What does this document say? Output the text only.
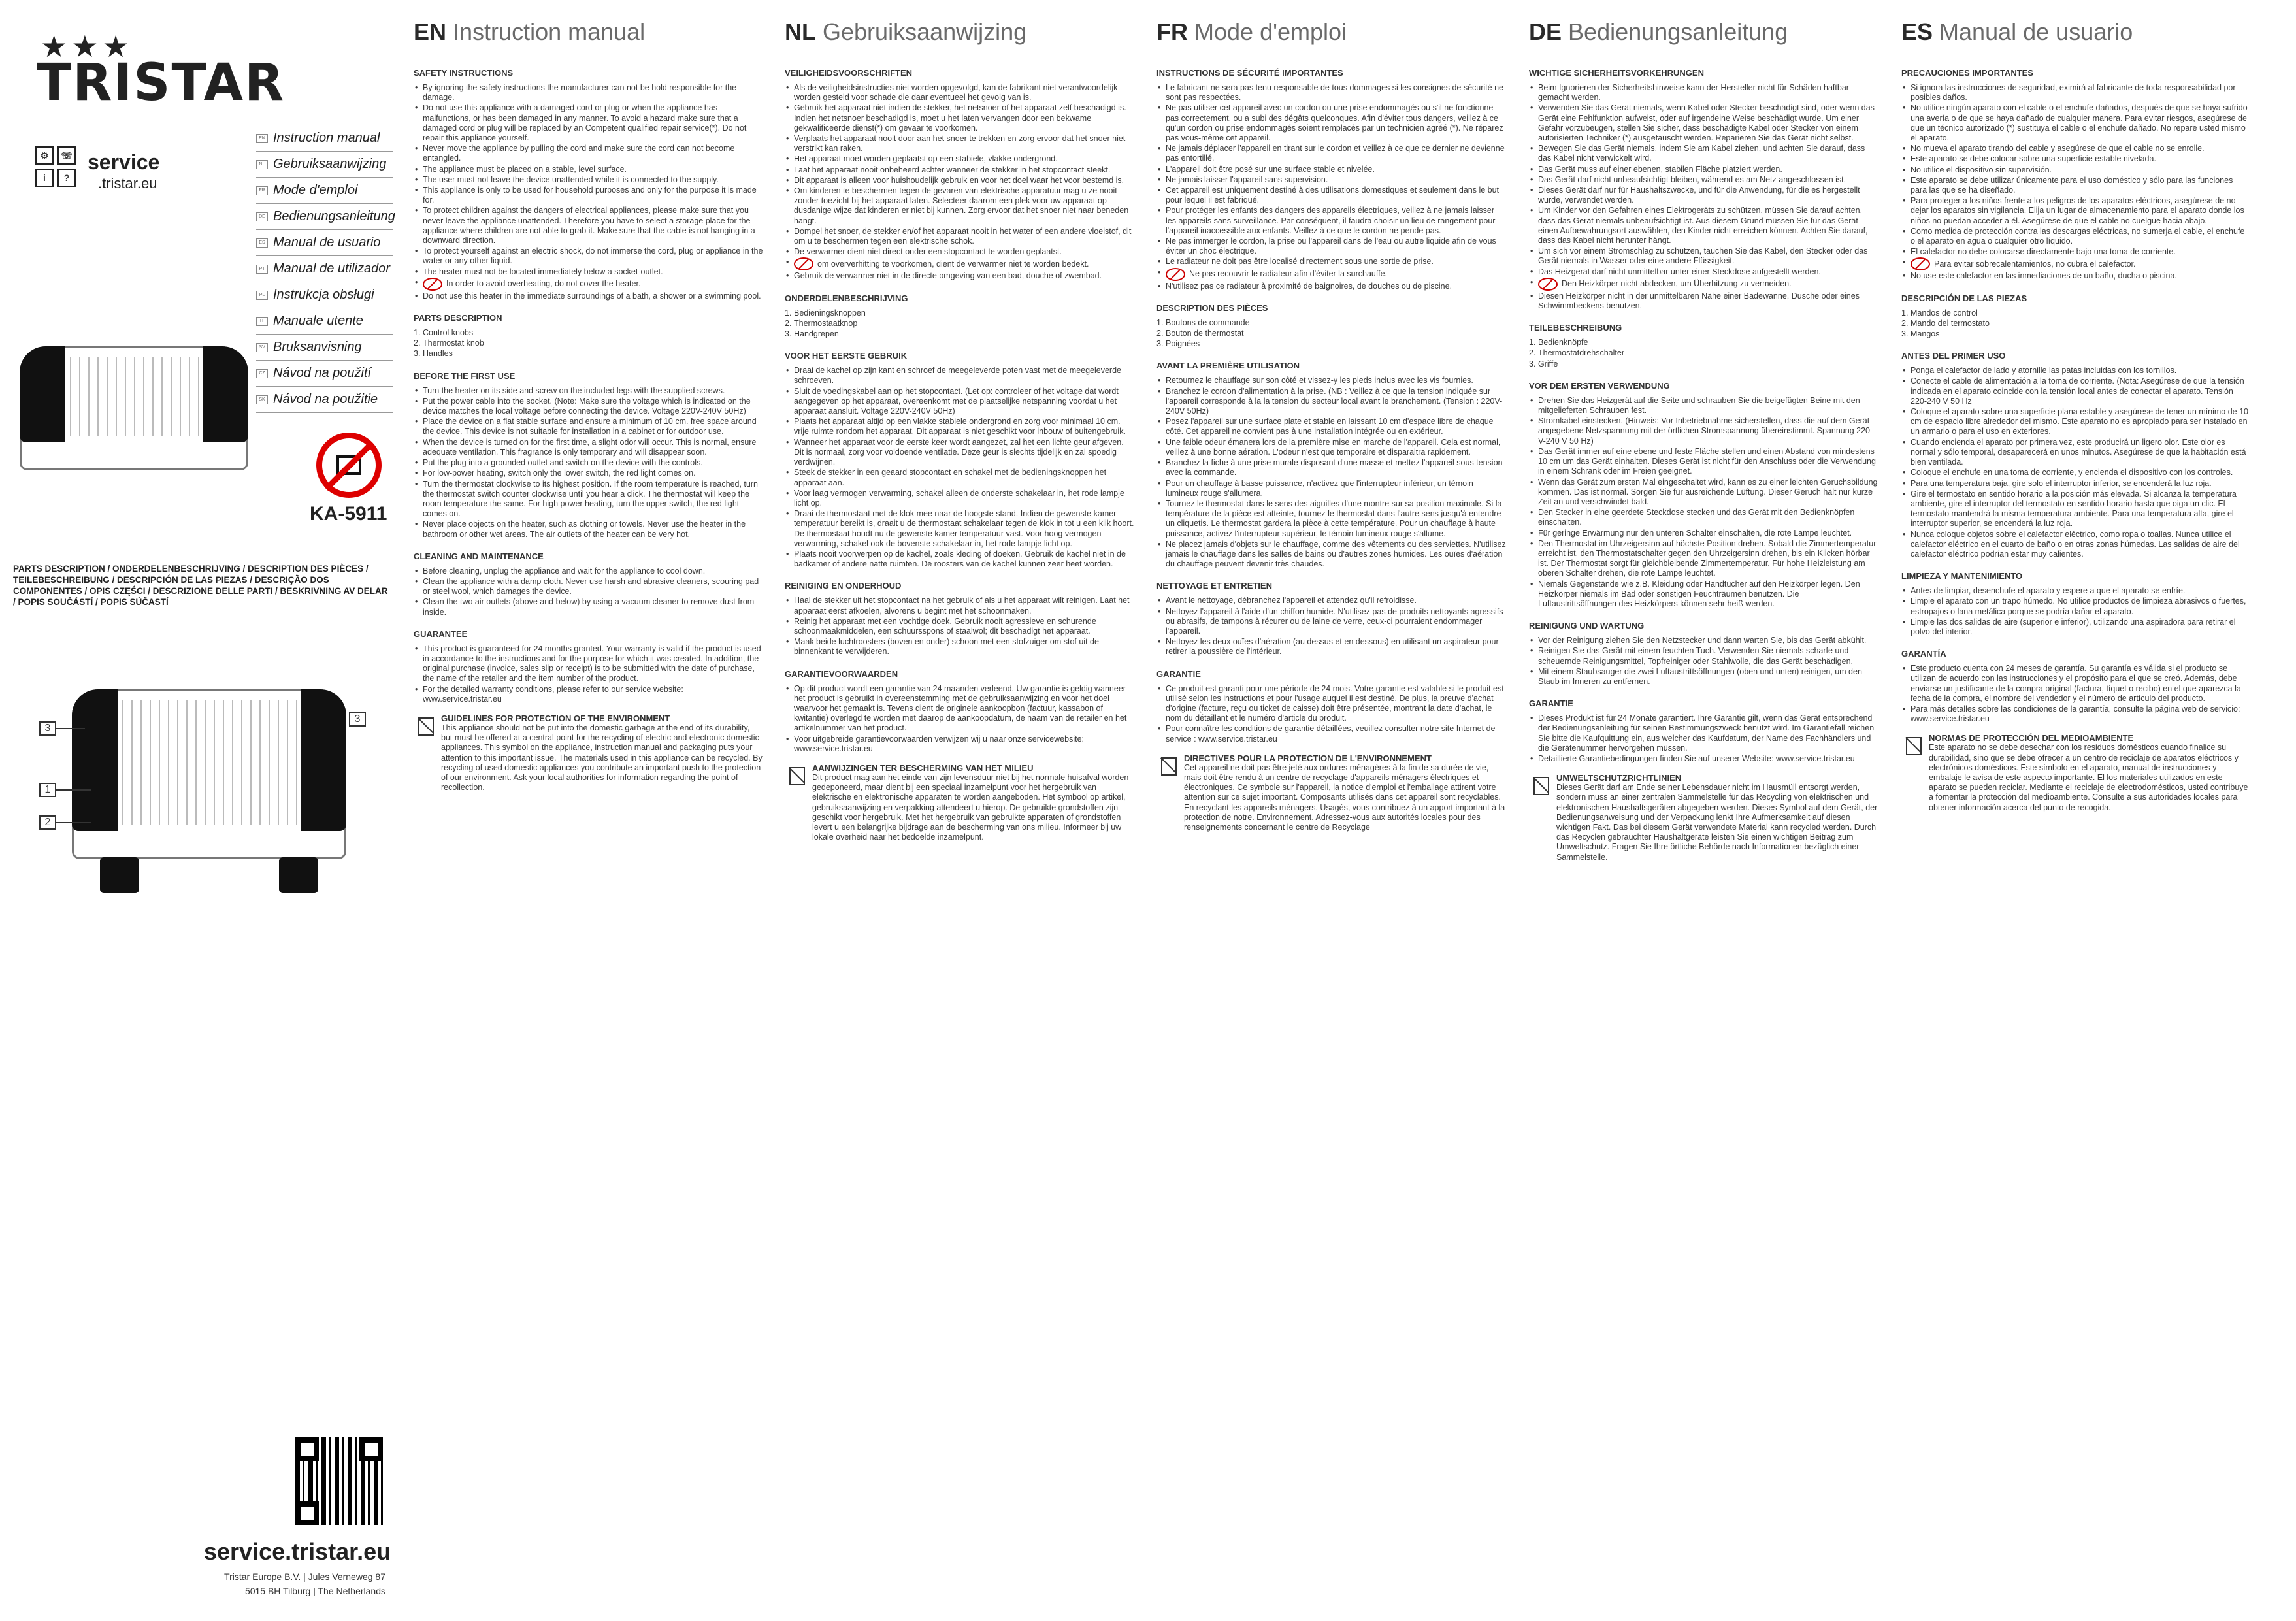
★★★
TRISTAR
⚙	☏
i	?
service
.tristar.eu
EN Instruction manual
NL Gebruiksaanwijzing
FR Mode d'emploi
DE Bedienungsanleitung
ES Manual de usuario
PT Manual de utilizador
PL Instrukcja obsługi
IT Manuale utente
SV Bruksanvisning
CZ Návod na použití
SK Návod na použitie
KA-5911
PARTS DESCRIPTION / ONDERDELENBESCHRIJVING / DESCRIPTION DES PIÈCES / TEILEBESCHREIBUNG / DESCRIPCIÓN DE LAS PIEZAS / DESCRIÇÃO DOS COMPONENTES / OPIS CZĘŚCI / DESCRIZIONE DELLE PARTI / BESKRIVNING AV DELAR / POPIS SOUČÁSTÍ / POPIS SÚČASTÍ
3
3
1
2
service.tristar.eu
Tristar Europe B.V. | Jules Verneweg 87
5015 BH Tilburg | The Netherlands
EN Instruction manual
SAFETY INSTRUCTIONS
• By ignoring the safety instructions the manufacturer can not be hold responsible for the damage.
• Do not use this appliance with a damaged cord or plug or when the appliance has malfunctions, or has been damaged in any manner. To avoid a hazard make sure that a damaged cord or plug will be replaced by an Competent qualified repair service(*). Do not repair this appliance yourself.
• Never move the appliance by pulling the cord and make sure the cord can not become entangled.
• The appliance must be placed on a stable, level surface.
• The user must not leave the device unattended while it is connected to the supply.
• This appliance is only to be used for household purposes and only for the purpose it is made for.
• To protect children against the dangers of electrical appliances, please make sure that you never leave the appliance unattended. Therefore you have to select a storage place for the appliance where children are not able to grab it. Make sure that the cable is not hanging in a downward direction.
• To protect yourself against an electric shock, do not immerse the cord, plug or appliance in the water or any other liquid.
• The heater must not be located immediately below a socket-outlet.
• In order to avoid overheating, do not cover the heater.
• Do not use this heater in the immediate surroundings of a bath, a shower or a swimming pool.
PARTS DESCRIPTION
1. Control knobs
2. Thermostat knob
3. Handles
BEFORE THE FIRST USE
• Turn the heater on its side and screw on the included legs with the supplied screws.
• Put the power cable into the socket. (Note: Make sure the voltage which is indicated on the device matches the local voltage before connecting the device. Voltage 220V-240V 50Hz)
• Place the device on a flat stable surface and ensure a minimum of 10 cm. free space around the device. This device is not suitable for installation in a cabinet or for outdoor use.
• When the device is turned on for the first time, a slight odor will occur. This is normal, ensure adequate ventilation. This fragrance is only temporary and will disappear soon.
• Put the plug into a grounded outlet and switch on the device with the controls.
• For low-power heating, switch only the lower switch, the red light comes on.
• Turn the thermostat clockwise to its highest position. If the room temperature is reached, turn the thermostat switch counter clockwise until you hear a click. The thermostat will keep the room temperature the same. For high power heating, turn the upper switch, the red light comes on.
• Never place objects on the heater, such as clothing or towels. Never use the heater in the bathroom or other wet areas. The air outlets of the heater can be very hot.
CLEANING AND MAINTENANCE
• Before cleaning, unplug the appliance and wait for the appliance to cool down.
• Clean the appliance with a damp cloth. Never use harsh and abrasive cleaners, scouring pad or steel wool, which damages the device.
• Clean the two air outlets (above and below) by using a vacuum cleaner to remove dust from inside.
GUARANTEE
• This product is guaranteed for 24 months granted. Your warranty is valid if the product is used in accordance to the instructions and for the purpose for which it was created. In addition, the original purchase (invoice, sales slip or receipt) is to be submitted with the date of purchase, the name of the retailer and the item number of the product.
• For the detailed warranty conditions, please refer to our service website: www.service.tristar.eu
GUIDELINES FOR PROTECTION OF THE ENVIRONMENT
This appliance should not be put into the domestic garbage at the end of its durability, but must be offered at a central point for the recycling of electric and electronic domestic appliances. This symbol on the appliance, instruction manual and packaging puts your attention to this important issue. The materials used in this appliance can be recycled. By recycling of used domestic appliances you contribute an important push to the protection of our environment. Ask your local authorities for information regarding the point of recollection.
NL Gebruiksaanwijzing
VEILIGHEIDSVOORSCHRIFTEN
• Als de veiligheidsinstructies niet worden opgevolgd, kan de fabrikant niet verantwoordelijk worden gesteld voor schade die daar eventueel het gevolg van is.
• Gebruik het apparaat niet indien de stekker, het netsnoer of het apparaat zelf beschadigd is. Indien het netsnoer beschadigd is, moet u het laten vervangen door een bekwame gekwalificeerde dienst(*) om gevaar te voorkomen.
• Verplaats het apparaat nooit door aan het snoer te trekken en zorg ervoor dat het snoer niet verstrikt kan raken.
• Het apparaat moet worden geplaatst op een stabiele, vlakke ondergrond.
• Laat het apparaat nooit onbeheerd achter wanneer de stekker in het stopcontact steekt.
• Dit apparaat is alleen voor huishoudelijk gebruik en voor het doel waar het voor bestemd is.
• Om kinderen te beschermen tegen de gevaren van elektrische apparatuur mag u ze nooit zonder toezicht bij het apparaat laten. Selecteer daarom een plek voor uw apparaat op dusdanige wijze dat kinderen er niet bij kunnen. Zorg ervoor dat het snoer niet naar beneden hangt.
• Dompel het snoer, de stekker en/of het apparaat nooit in het water of een andere vloeistof, dit om u te beschermen tegen een elektrische schok.
• De verwarmer dient niet direct onder een stopcontact te worden geplaatst.
• om oververhitting te voorkomen, dient de verwarmer niet te worden bedekt.
• Gebruik de verwarmer niet in de directe omgeving van een bad, douche of zwembad.
ONDERDELENBESCHRIJVING
1. Bedieningsknoppen
2. Thermostaatknop
3. Handgrepen
VOOR HET EERSTE GEBRUIK
• Draai de kachel op zijn kant en schroef de meegeleverde poten vast met de meegeleverde schroeven.
• Sluit de voedingskabel aan op het stopcontact. (Let op: controleer of het voltage dat wordt aangegeven op het apparaat, overeenkomt met de plaatselijke netspanning voordat u het apparaat aansluit. Voltage 220V-240V 50Hz)
• Plaats het apparaat altijd op een vlakke stabiele ondergrond en zorg voor minimaal 10 cm. vrije ruimte rondom het apparaat. Dit apparaat is niet geschikt voor inbouw of buitengebruik.
• Wanneer het apparaat voor de eerste keer wordt aangezet, zal het een lichte geur afgeven. Dit is normaal, zorg voor voldoende ventilatie. Deze geur is slechts tijdelijk en zal spoedig verdwijnen.
• Steek de stekker in een geaard stopcontact en schakel met de bedieningsknoppen het apparaat aan.
• Voor laag vermogen verwarming, schakel alleen de onderste schakelaar in, het rode lampje licht op.
• Draai de thermostaat met de klok mee naar de hoogste stand. Indien de gewenste kamer temperatuur bereikt is, draait u de thermostaat schakelaar tegen de klok in tot u een klik hoort. De thermostaat houdt nu de gewenste kamer temperatuur vast. Voor hoog vermogen verwarming, schakel ook de bovenste schakelaar in, het rode lampje licht op.
• Plaats nooit voorwerpen op de kachel, zoals kleding of doeken. Gebruik de kachel niet in de badkamer of andere natte ruimten. De roosters van de kachel kunnen zeer heet worden.
REINIGING EN ONDERHOUD
• Haal de stekker uit het stopcontact na het gebruik of als u het apparaat wilt reinigen. Laat het apparaat eerst afkoelen, alvorens u begint met het schoonmaken.
• Reinig het apparaat met een vochtige doek. Gebruik nooit agressieve en schurende schoonmaakmiddelen, een schuursspons of staalwol; dit beschadigt het apparaat.
• Maak beide luchtroosters (boven en onder) schoon met een stofzuiger om stof uit de binnenkant te verwijderen.
GARANTIEVOORWAARDEN
• Op dit product wordt een garantie van 24 maanden verleend. Uw garantie is geldig wanneer het product is gebruikt in overeenstemming met de gebruiksaanwijzing en voor het doel waarvoor het gemaakt is. Tevens dient de originele aankoopbon (factuur, kassabon of kwitantie) overlegd te worden met daarop de aankoopdatum, de naam van de retailer en het artikelnummer van het product.
• Voor uitgebreide garantievoorwaarden verwijzen wij u naar onze servicewebsite: www.service.tristar.eu
AANWIJZINGEN TER BESCHERMING VAN HET MILIEU
Dit product mag aan het einde van zijn levensduur niet bij het normale huisafval worden gedeponeerd, maar dient bij een speciaal inzamelpunt voor het hergebruik van elektrische en elektronische apparaten te worden aangeboden. Het symbool op artikel, gebruiksaanwijzing en verpakking attendeert u hierop. De gebruikte grondstoffen zijn geschikt voor hergebruik. Met het hergebruik van gebruikte apparaten of grondstoffen levert u een belangrijke bijdrage aan de bescherming van ons milieu. Informeer bij uw lokale overheid naar het bedoelde inzamelpunt.
FR Mode d'emploi
INSTRUCTIONS DE SÉCURITÉ IMPORTANTES
• Le fabricant ne sera pas tenu responsable de tous dommages si les consignes de sécurité ne sont pas respectées.
• Ne pas utiliser cet appareil avec un cordon ou une prise endommagés ou s'il ne fonctionne pas correctement, ou a subi des dégâts quelconques. Afin d'éviter tous dangers, veillez à ce qu'un cordon ou prise endommagés soient remplacés par un technicien agréé (*). Ne réparez pas vous-même cet appareil.
• Ne jamais déplacer l'appareil en tirant sur le cordon et veillez à ce que ce dernier ne devienne pas entortillé.
• L'appareil doit être posé sur une surface stable et nivelée.
• Ne jamais laisser l'appareil sans supervision.
• Cet appareil est uniquement destiné à des utilisations domestiques et seulement dans le but pour lequel il est fabriqué.
• Pour protéger les enfants des dangers des appareils électriques, veillez à ne jamais laisser les appareils sans surveillance. Par conséquent, il faudra choisir un lieu de rangement pour l'appareil inaccessible aux enfants. Veillez à ce que le cordon ne pende pas.
• Ne pas immerger le cordon, la prise ou l'appareil dans de l'eau ou autre liquide afin de vous éviter un choc électrique.
• Le radiateur ne doit pas être localisé directement sous une sortie de prise.
• Ne pas recouvrir le radiateur afin d'éviter la surchauffe.
• N'utilisez pas ce radiateur à proximité de baignoires, de douches ou de piscine.
DESCRIPTION DES PIÈCES
1. Boutons de commande
2. Bouton de thermostat
3. Poignées
AVANT LA PREMIÈRE UTILISATION
• Retournez le chauffage sur son côté et vissez-y les pieds inclus avec les vis fournies.
• Branchez le cordon d'alimentation à la prise. (NB : Veillez à ce que la tension indiquée sur l'appareil corresponde à la la tension du secteur local avant le branchement. (Tension : 220V-240V 50Hz)
• Posez l'appareil sur une surface plate et stable en laissant 10 cm d'espace libre de chaque côté. Cet appareil ne convient pas à une installation intégrée ou en extérieur.
• Une faible odeur émanera lors de la première mise en marche de l'appareil. Cela est normal, veillez à une bonne aération. L'odeur n'est que temporaire et disparaitra rapidement.
• Branchez la fiche à une prise murale disposant d'une masse et mettez l'appareil sous tension avec la commande.
• Pour un chauffage à basse puissance, n'activez que l'interrupteur inférieur, un témoin lumineux rouge s'allumera.
• Tournez le thermostat dans le sens des aiguilles d'une montre sur sa position maximale. Si la température de la pièce est atteinte, tournez le thermostat dans l'autre sens jusqu'à entendre un cliquetis. Le thermostat gardera la pièce à cette température. Pour un chauffage à haute puissance, activez l'interrupteur supérieur, le témoin lumineux rouge s'allume.
• Ne placez jamais d'objets sur le chauffage, comme des vêtements ou des serviettes. N'utilisez jamais le chauffage dans les salles de bains ou d'autres zones humides. Les ouïes d'aération du chauffage peuvent devenir très chaudes.
NETTOYAGE ET ENTRETIEN
• Avant le nettoyage, débranchez l'appareil et attendez qu'il refroidisse.
• Nettoyez l'appareil à l'aide d'un chiffon humide. N'utilisez pas de produits nettoyants agressifs ou abrasifs, de tampons à récurer ou de laine de verre, ceux-ci pourraient endommager l'appareil.
• Nettoyez les deux ouïes d'aération (au dessus et en dessous) en utilisant un aspirateur pour retirer la poussière de l'intérieur.
GARANTIE
• Ce produit est garanti pour une période de 24 mois. Votre garantie est valable si le produit est utilisé selon les instructions et pour l'usage auquel il est destiné. De plus, la preuve d'achat d'origine (facture, reçu ou ticket de caisse) doit être présentée, montrant la date d'achat, le nom du détaillant et le numéro d'article du produit.
• Pour connaître les conditions de garantie détaillées, veuillez consulter notre site Internet de service : www.service.tristar.eu
DIRECTIVES POUR LA PROTECTION DE L'ENVIRONNEMENT
Cet appareil ne doit pas être jeté aux ordures ménagères à la fin de sa durée de vie, mais doit être rendu à un centre de recyclage d'appareils ménagers électriques et électroniques. Ce symbole sur l'appareil, la notice d'emploi et l'emballage attirent votre attention sur ce sujet important. Composants utilisés dans cet appareil sont recyclables. En recyclant les appareils ménagers. Usagés, vous contribuez à un apport important à la protection de notre. Environnement. Adressez-vous aux autorités locales pour des renseignements concernant le centre de Recyclage
DE Bedienungsanleitung
WICHTIGE SICHERHEITSVORKEHRUNGEN
• Beim Ignorieren der Sicherheitshinweise kann der Hersteller nicht für Schäden haftbar gemacht werden.
• Verwenden Sie das Gerät niemals, wenn Kabel oder Stecker beschädigt sind, oder wenn das Gerät eine Fehlfunktion aufweist, oder auf irgendeine Weise beschädigt wurde. Um einer Gefahr vorzubeugen, stellen Sie sicher, dass beschädigte Kabel oder Stecker von einem autorisierten Techniker (*) ausgetauscht werden. Reparieren Sie das Gerät nicht selbst.
• Bewegen Sie das Gerät niemals, indem Sie am Kabel ziehen, und achten Sie darauf, dass das Kabel nicht verwickelt wird.
• Das Gerät muss auf einer ebenen, stabilen Fläche platziert werden.
• Das Gerät darf nicht unbeaufsichtigt bleiben, während es am Netz angeschlossen ist.
• Dieses Gerät darf nur für Haushaltszwecke, und für die Anwendung, für die es hergestellt wurde, verwendet werden.
• Um Kinder vor den Gefahren eines Elektrogeräts zu schützen, müssen Sie darauf achten, dass das Gerät niemals unbeaufsichtigt ist. Aus diesem Grund müssen Sie für das Gerät einen Aufbewahrungsort auswählen, den Kinder nicht erreichen können. Achten Sie darauf, dass das Kabel nicht herunter hängt.
• Um sich vor einem Stromschlag zu schützen, tauchen Sie das Kabel, den Stecker oder das Gerät niemals in Wasser oder eine andere Flüssigkeit.
• Das Heizgerät darf nicht unmittelbar unter einer Steckdose aufgestellt werden.
• Den Heizkörper nicht abdecken, um Überhitzung zu vermeiden.
• Diesen Heizkörper nicht in der unmittelbaren Nähe einer Badewanne, Dusche oder eines Schwimmbeckens benutzen.
TEILEBESCHREIBUNG
1. Bedienknöpfe
2. Thermostatdrehschalter
3. Griffe
VOR DEM ERSTEN VERWENDUNG
• Drehen Sie das Heizgerät auf die Seite und schrauben Sie die beigefügten Beine mit den mitgelieferten Schrauben fest.
• Stromkabel einstecken. (Hinweis: Vor Inbetriebnahme sicherstellen, dass die auf dem Gerät angegebene Netzspannung mit der örtlichen Stromspannung übereinstimmt. Spannung 220 V-240 V 50 Hz)
• Das Gerät immer auf eine ebene und feste Fläche stellen und einen Abstand von mindestens 10 cm um das Gerät einhalten. Dieses Gerät ist nicht für den Anschluss oder die Verwendung in einem Schrank oder im Freien geeignet.
• Wenn das Gerät zum ersten Mal eingeschaltet wird, kann es zu einer leichten Geruchsbildung kommen. Das ist normal. Sorgen Sie für ausreichende Lüftung. Dieser Geruch hält nur kurze Zeit an und verschwindet bald.
• Den Stecker in eine geerdete Steckdose stecken und das Gerät mit den Bedienknöpfen einschalten.
• Für geringe Erwärmung nur den unteren Schalter einschalten, die rote Lampe leuchtet.
• Den Thermostat im Uhrzeigersinn auf höchste Position drehen. Sobald die Zimmertemperatur erreicht ist, den Thermostatschalter gegen den Uhrzeigersinn drehen, bis ein Klicken hörbar ist. Der Thermostat sorgt für gleichbleibende Zimmertemperatur. Für hohe Heizleistung am oberen Schalter drehen, die rote Lampe leuchtet.
• Niemals Gegenstände wie z.B. Kleidung oder Handtücher auf den Heizkörper legen. Den Heizkörper niemals im Bad oder sonstigen Feuchträumen benutzen. Die Luftaustrittsöffnungen des Heizkörpers können sehr heiß werden.
REINIGUNG UND WARTUNG
• Vor der Reinigung ziehen Sie den Netzstecker und dann warten Sie, bis das Gerät abkühlt.
• Reinigen Sie das Gerät mit einem feuchten Tuch. Verwenden Sie niemals scharfe und scheuernde Reinigungsmittel, Topfreiniger oder Stahlwolle, die das Gerät beschädigen.
• Mit einem Staubsauger die zwei Luftaustrittsöffnungen (oben und unten) reinigen, um den Staub im Inneren zu entfernen.
GARANTIE
• Dieses Produkt ist für 24 Monate garantiert. Ihre Garantie gilt, wenn das Gerät entsprechend der Bedienungsanleitung für seinen Bestimmungszweck benutzt wird. Im Garantiefall reichen Sie bitte die Kaufquittung ein, aus welcher das Kaufdatum, der Name des Fachhändlers und die Gerätenummer hervorgehen müssen.
• Detaillierte Garantiebedingungen finden Sie auf unserer Website: www.service.tristar.eu
UMWELTSCHUTZRICHTLINIEN
Dieses Gerät darf am Ende seiner Lebensdauer nicht im Hausmüll entsorgt werden, sondern muss an einer zentralen Sammelstelle für das Recycling von elektrischen und elektronischen Haushaltsgeräten abgegeben werden. Dieses Symbol auf dem Gerät, der Bedienungsanweisung und der Verpackung lenkt Ihre Aufmerksamkeit auf diesen wichtigen Fakt. Das bei diesem Gerät verwendete Material kann recycled werden. Durch das Recyclen gebrauchter Haushaltgeräte leisten Sie einen wichtigen Beitrag zum Umweltschutz. Fragen Sie Ihre örtliche Behörde nach Informationen bezüglich einer Sammelstelle.
ES Manual de usuario
PRECAUCIONES IMPORTANTES
• Si ignora las instrucciones de seguridad, eximirá al fabricante de toda responsabilidad por posibles daños.
• No utilice ningún aparato con el cable o el enchufe dañados, después de que se haya sufrido una avería o de que se haya dañado de cualquier manera. Para evitar riesgos, asegúrese de que un técnico autorizado (*) sustituya el cable o el enchufe dañado. No repare usted mismo el aparato.
• No mueva el aparato tirando del cable y asegúrese de que el cable no se enrolle.
• Este aparato se debe colocar sobre una superficie estable nivelada.
• No utilice el dispositivo sin supervisión.
• Este aparato se debe utilizar únicamente para el uso doméstico y sólo para las funciones para las que se ha diseñado.
• Para proteger a los niños frente a los peligros de los aparatos eléctricos, asegúrese de no dejar los aparatos sin vigilancia. Elija un lugar de almacenamiento para el aparato donde los niños no puedan acceder a él. Asegúrese de que el cable no cuelgue hacia abajo.
• Como medida de protección contra las descargas eléctricas, no sumerja el cable, el enchufe o el aparato en agua o cualquier otro líquido.
• El calefactor no debe colocarse directamente bajo una toma de corriente.
• Para evitar sobrecalentamientos, no cubra el calefactor.
• No use este calefactor en las inmediaciones de un baño, ducha o piscina.
DESCRIPCIÓN DE LAS PIEZAS
1. Mandos de control
2. Mando del termostato
3. Mangos
ANTES DEL PRIMER USO
• Ponga el calefactor de lado y atornille las patas incluidas con los tornillos.
• Conecte el cable de alimentación a la toma de corriente. (Nota: Asegúrese de que la tensión indicada en el aparato coincide con la tensión local antes de conectar el aparato. Tensión 220-240 V 50 Hz
• Coloque el aparato sobre una superficie plana estable y asegúrese de tener un mínimo de 10 cm de espacio libre alrededor del mismo. Este aparato no es apropiado para ser instalado en un armario o para el uso en exteriores.
• Cuando encienda el aparato por primera vez, este producirá un ligero olor. Este olor es normal y sólo temporal, desaparecerá en unos minutos. Asegúrese de que la habitación está bien ventilada.
• Coloque el enchufe en una toma de corriente, y encienda el dispositivo con los controles.
• Para una temperatura baja, gire solo el interruptor inferior, se encenderá la luz roja.
• Gire el termostato en sentido horario a la posición más elevada. Si alcanza la temperatura ambiente, gire el interruptor del termostato en sentido horario hasta que oiga un clic. El termostato mantendrá la misma temperatura ambiente. Para una temperatura alta, gire el interruptor superior, se encenderá la luz roja.
• Nunca coloque objetos sobre el calefactor eléctrico, como ropa o toallas. Nunca utilice el calefactor eléctrico en el cuarto de baño o en otras zonas húmedas. Las salidas de aire del calefactor eléctrico podrían estar muy calientes.
LIMPIEZA Y MANTENIMIENTO
• Antes de limpiar, desenchufe el aparato y espere a que el aparato se enfríe.
• Limpie el aparato con un trapo húmedo. No utilice productos de limpieza abrasivos o fuertes, estropajos o lana metálica porque se podría dañar el aparato.
• Limpie las dos salidas de aire (superior e inferior), utilizando una aspiradora para retirar el polvo del interior.
GARANTÍA
• Este producto cuenta con 24 meses de garantía. Su garantía es válida si el producto se utilizan de acuerdo con las instrucciones y el propósito para el que se creó. Además, debe enviarse un justificante de la compra original (factura, tíquet o recibo) en el que aparezca la fecha de la compra, el nombre del vendedor y el número de artículo del producto.
• Para más detalles sobre las condiciones de la garantía, consulte la página web de servicio: www.service.tristar.eu
NORMAS DE PROTECCIÓN DEL MEDIOAMBIENTE
Este aparato no se debe desechar con los residuos domésticos cuando finalice su durabilidad, sino que se debe ofrecer a un centro de reciclaje de aparatos eléctricos y electrónicos domésticos. Este símbolo en el aparato, manual de instrucciones y embalaje le avisa de este aspecto importante. El los materiales utilizados en este aparato se pueden reciclar. Mediante el reciclaje de electrodomésticos, usted contribuye a fomentar la protección del medioambiente. Consulte a sus autoridades locales para obtener información acerca del punto de recogida.
